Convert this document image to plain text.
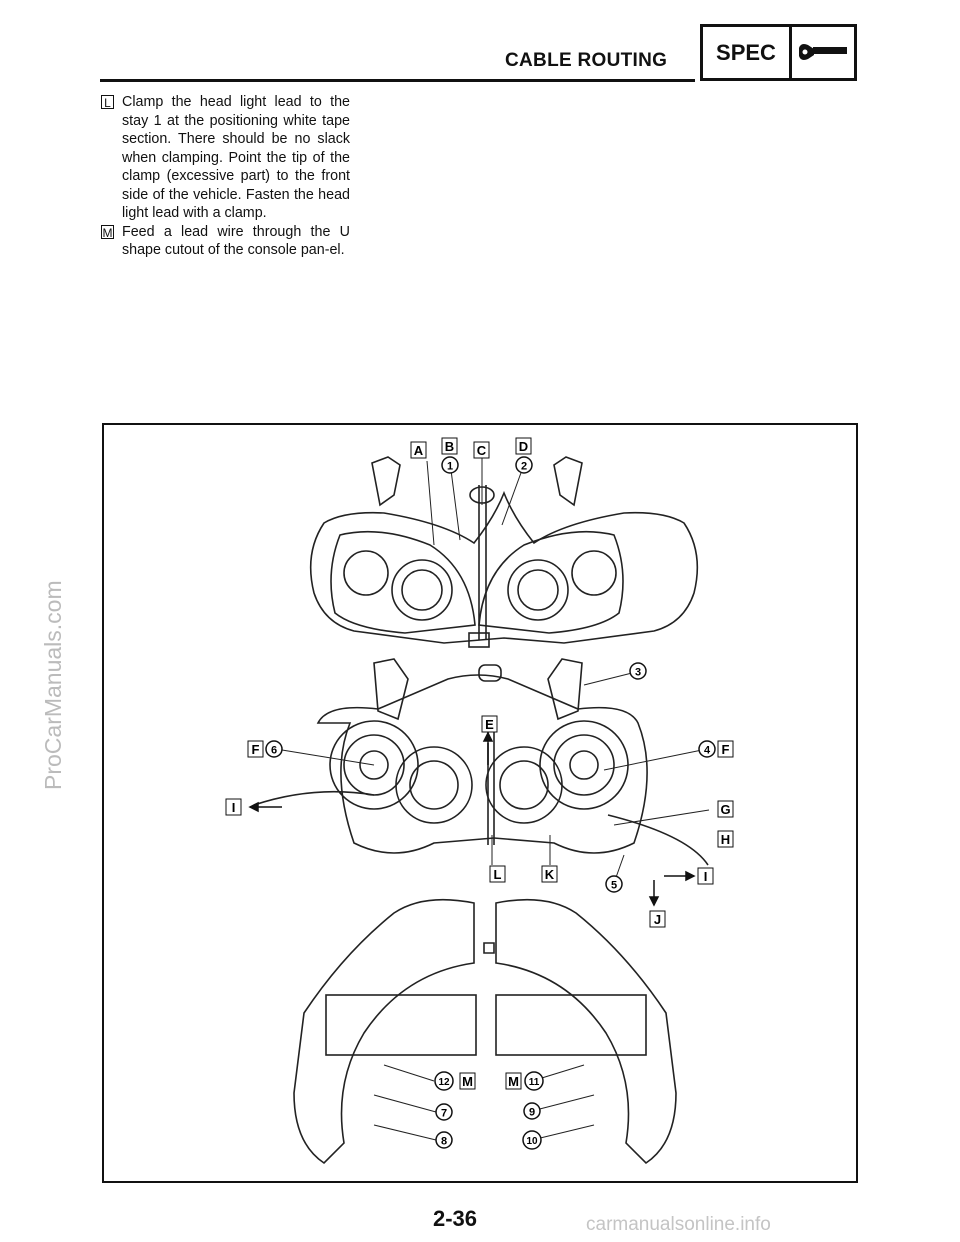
CABLE ROUTING	SPEC
L Clamp the head light lead to the stay 1 at the positioning white tape section. There should be no slack when clamping. Point the tip of the clamp (excessive part) to the front side of the vehicle. Fasten the head light lead with a clamp.
M Feed a lead wire through the U shape cutout of the console pan-el.
A B C	D
E
F	F
I	G
H
L	K	I
J
M	M
1	2
3
4
5
6
7
8
9
10
11
12
ProCarManuals.com
2-36	carmanualsonline.info
